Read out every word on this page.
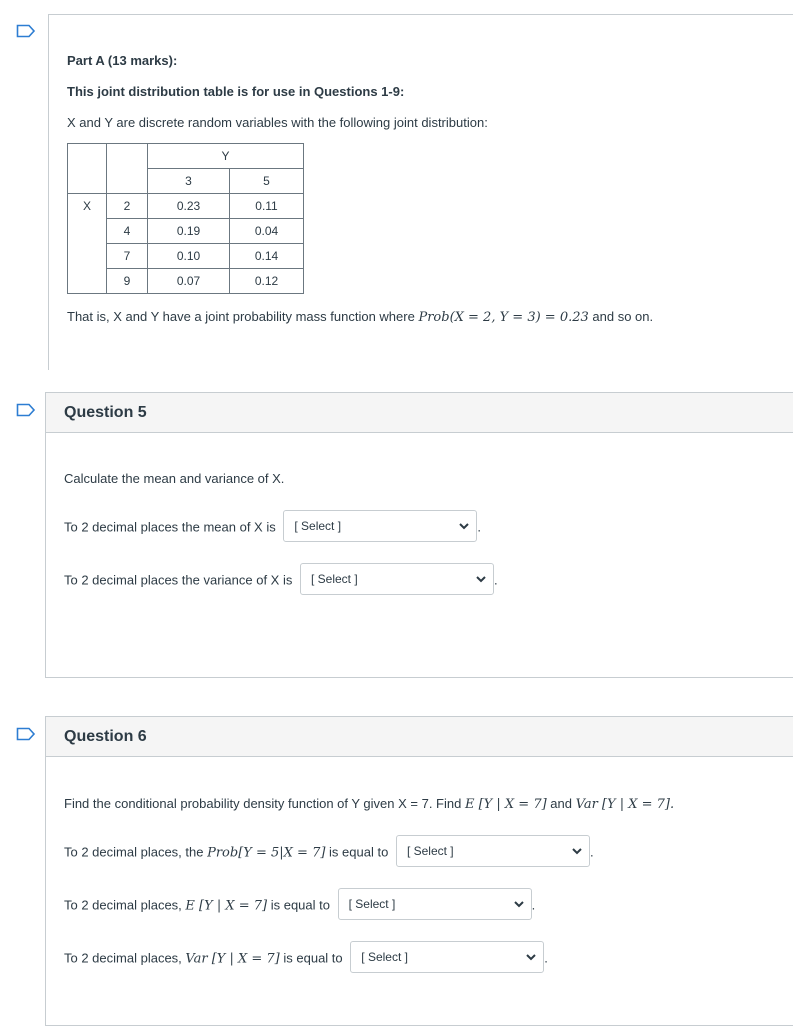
Part A (13 marks):
This joint distribution table is for use in Questions 1-9:
X and Y are discrete random variables with the following joint distribution:
		Y	
		3	5
X	2	0.23	0.11
	4	0.19	0.04
	7	0.10	0.14
	9	0.07	0.12
That is, X and Y have a joint probability mass function where Prob(X = 2, Y = 3) = 0.23 and so on.
Question 5
Calculate the mean and variance of X.
To 2 decimal places the mean of X is [ Select ]	.
To 2 decimal places the variance of X is [ Select ]	.
Question 6
Find the conditional probability density function of Y given X = 7. Find E [Y | X = 7] and Var [Y | X = 7].
To 2 decimal places, the Prob[Y = 5|X = 7] is equal to [ Select ]	.
To 2 decimal places, E [Y | X = 7] is equal to [ Select ]	.
To 2 decimal places, Var [Y | X = 7] is equal to [ Select ]	.
